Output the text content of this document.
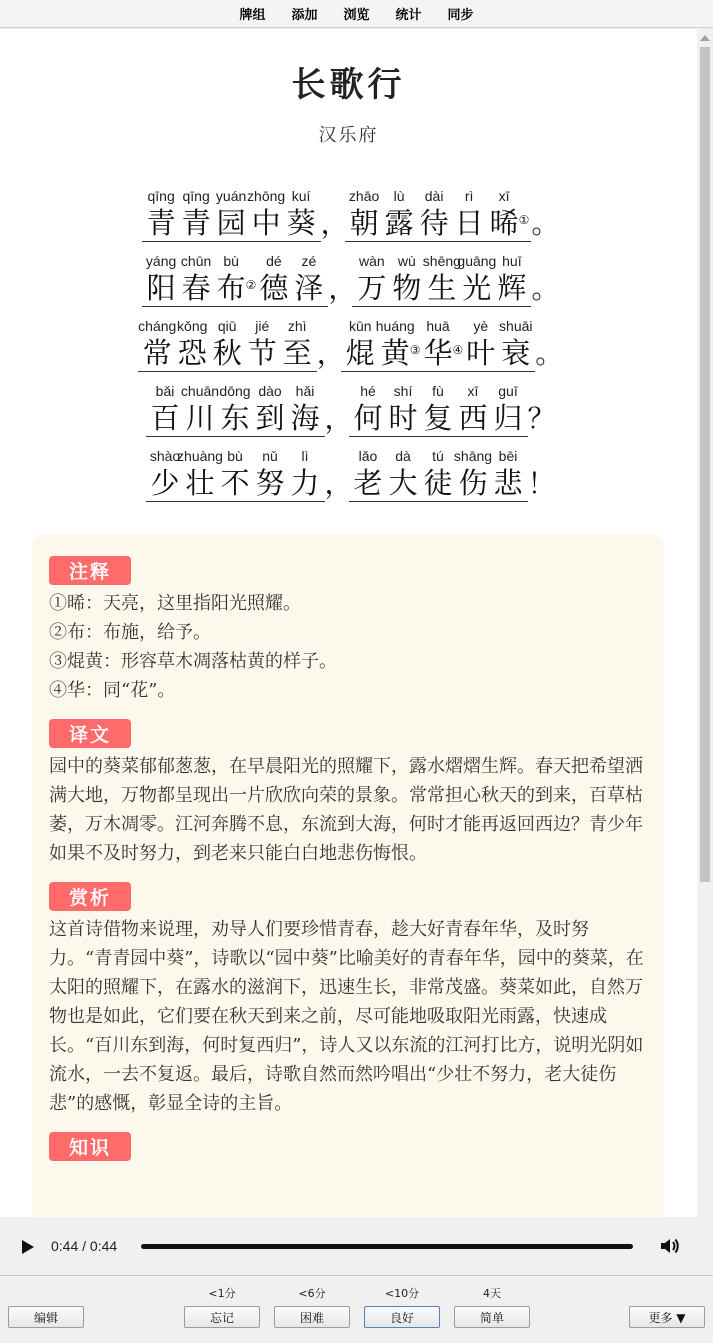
牌组	添加	浏览	统计	同步
长歌行
汉乐府
qīng
青
qīng
青
yuán
园
zhōng
中
kuí
葵 ，
zhāo
朝
lù
露
dài
待
rì
日
xī
晞 ① 。
yáng
阳
chūn
春
bù
布 ②
dé
德
zé
泽 ，
wàn
万
wù
物
shēng
生
guāng
光
huī
辉 。
cháng
常
kǒng
恐
qiū
秋
jié
节
zhì
至 ，
kūn
焜
huáng
黄 ③
huā
华 ④
yè
叶
shuāi
衰 。
bǎi
百
chuān
川
dōng
东
dào
到
hǎi
海 ，
hé
何
shí
时
fù
复
xī
西
guī
归 ？
shào
少
zhuàng
壮
bù
不
nǔ
努
lì
力 ，
lǎo
老
dà
大
tú
徒
shāng
伤
bēi
悲 ！
注释
①晞：天亮，这里指阳光照耀。
②布：布施，给予。
③焜黄：形容草木凋落枯黄的样子。
④华：同“花”。
译文
园中的葵菜郁郁葱葱，在早晨阳光的照耀下，露水熠熠生辉。春天把希望洒满大地，万物都呈现出一片欣欣向荣的景象。常常担心秋天的到来，百草枯萎，万木凋零。江河奔腾不息，东流到大海，何时才能再返回西边？青少年如果不及时努力，到老来只能白白地悲伤悔恨。
赏析
这首诗借物来说理，劝导人们要珍惜青春，趁大好青春年华，及时努力。“青青园中葵”，诗歌以“园中葵”比喻美好的青春年华，园中的葵菜，在太阳的照耀下，在露水的滋润下，迅速生长，非常茂盛。葵菜如此，自然万物也是如此，它们要在秋天到来之前，尽可能地吸取阳光雨露，快速成长。“百川东到海，何时复西归”，诗人又以东流的江河打比方，说明光阴如流水，一去不复返。最后，诗歌自然而然吟唱出“少壮不努力，老大徒伤悲”的感慨，彰显全诗的主旨。
知识
0:44 / 0:44
编辑
<1分
忘记
<6分
困难
<10分
良好
4天
简单	更多 ▼
